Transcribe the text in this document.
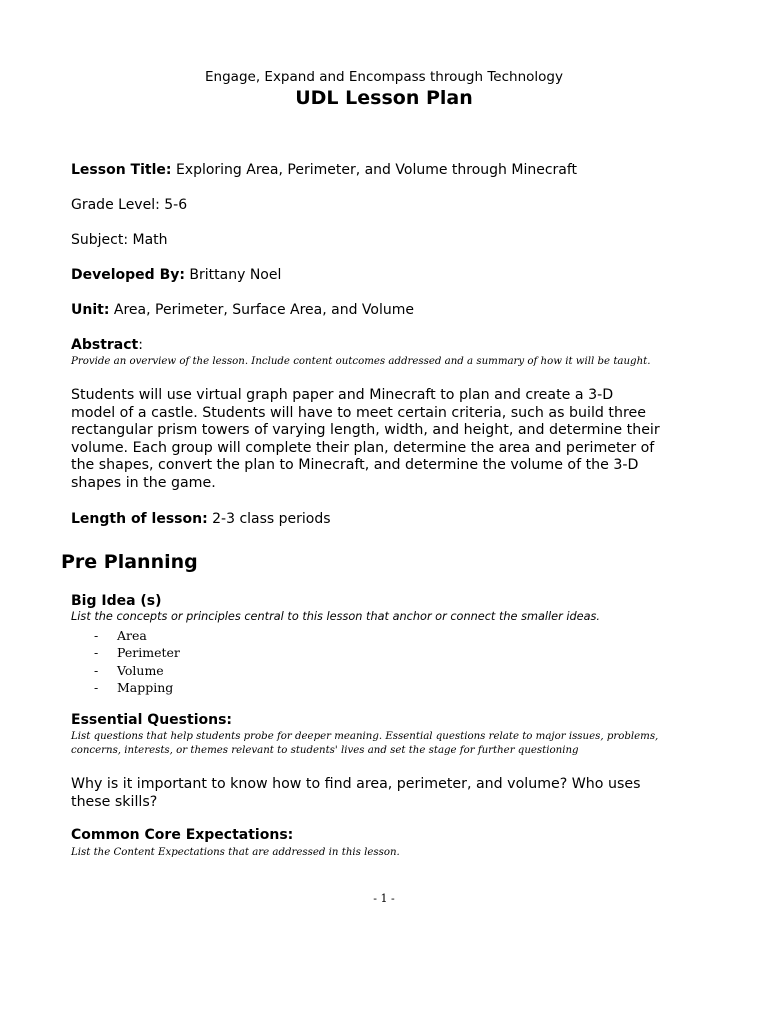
Engage, Expand and Encompass through Technology
UDL Lesson Plan
Lesson Title: Exploring Area, Perimeter, and Volume through Minecraft
Grade Level: 5-6
Subject: Math
Developed By: Brittany Noel
Unit: Area, Perimeter, Surface Area, and Volume
Abstract:
Provide an overview of the lesson. Include content outcomes addressed and a summary of how it will be taught.
Students will use virtual graph paper and Minecraft to plan and create a 3-D
model of a castle. Students will have to meet certain criteria, such as build three
rectangular prism towers of varying length, width, and height, and determine their
volume. Each group will complete their plan, determine the area and perimeter of
the shapes, convert the plan to Minecraft, and determine the volume of the 3-D
shapes in the game.
Length of lesson: 2-3 class periods
Pre Planning
Big Idea (s)
List the concepts or principles central to this lesson that anchor or connect the smaller ideas.
- Area
- Perimeter
- Volume
- Mapping
Essential Questions:
List questions that help students probe for deeper meaning. Essential questions relate to major issues, problems, concerns, interests, or themes relevant to students' lives and set the stage for further questioning
Why is it important to know how to find area, perimeter, and volume? Who uses
these skills?
Common Core Expectations:
List the Content Expectations that are addressed in this lesson.
- 1 -
